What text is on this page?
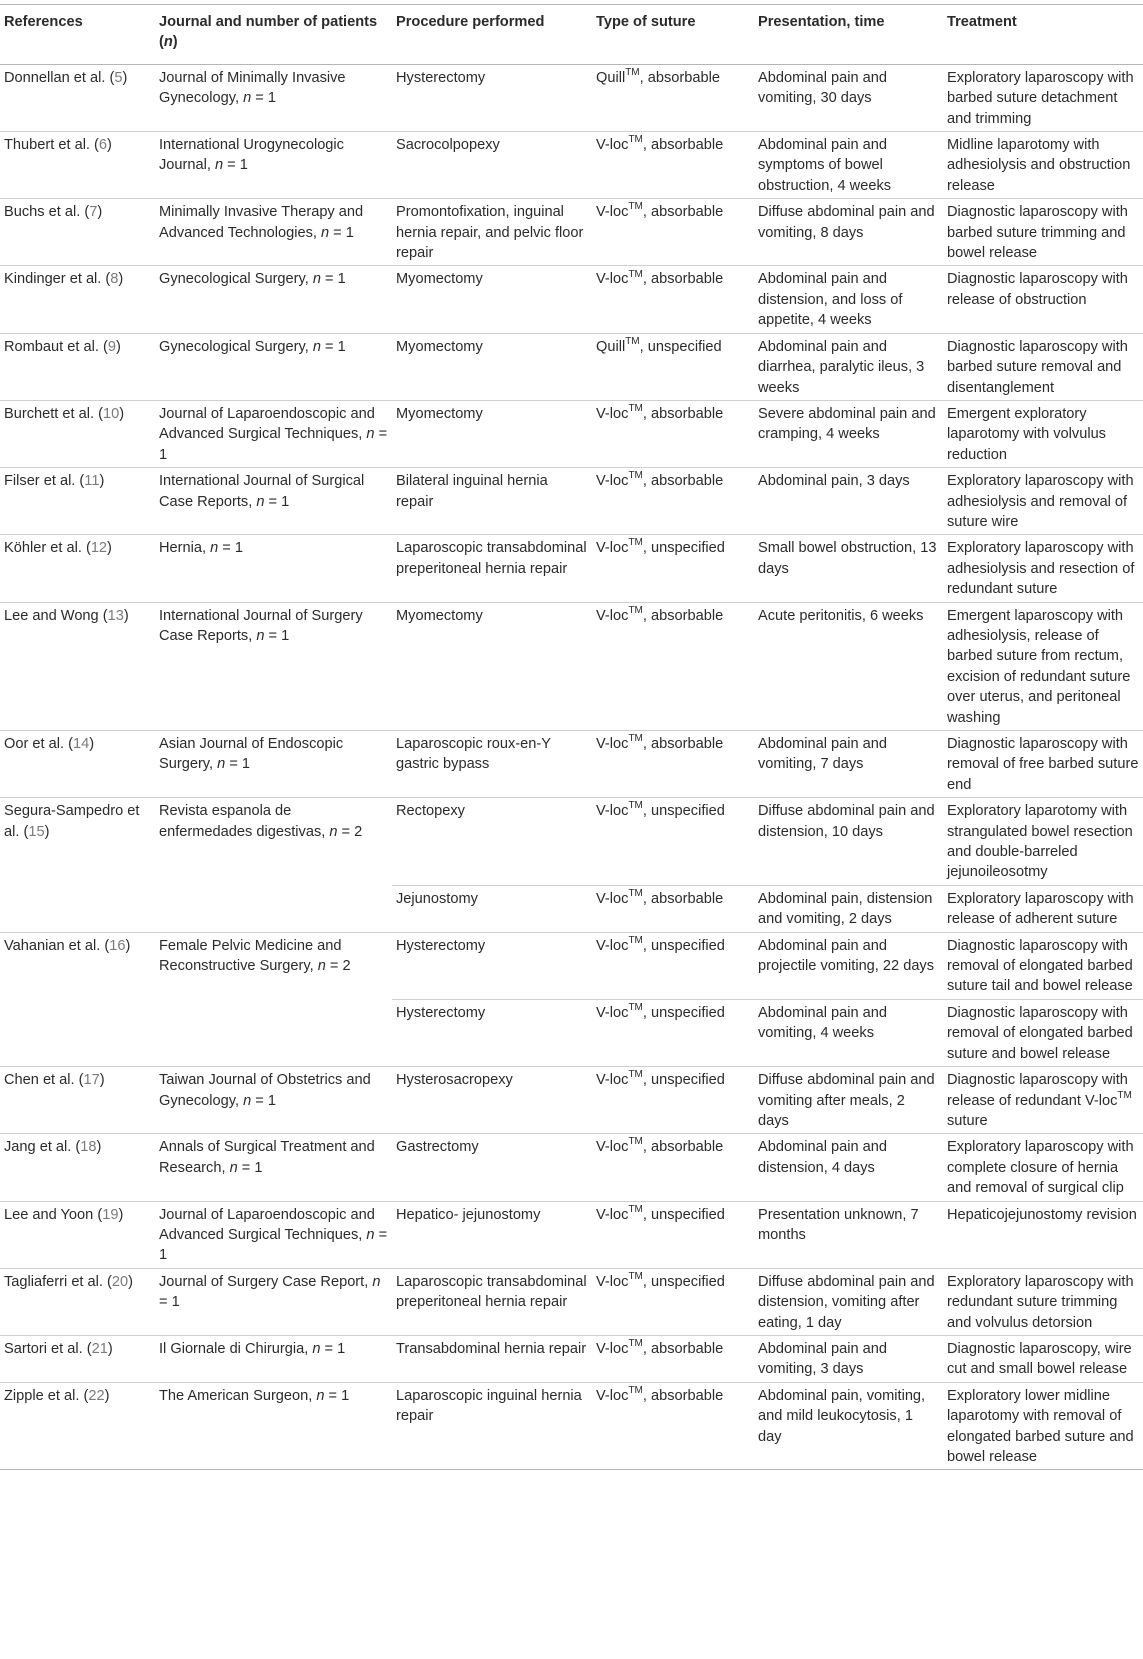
References	Journal and number of patients (n)	Procedure performed	Type of suture	Presentation, time	Treatment
Donnellan et al. (5)	Journal of Minimally Invasive Gynecology, n = 1	Hysterectomy	Quill™, absorbable	Abdominal pain and vomiting, 30 days	Exploratory laparoscopy with barbed suture detachment and trimming
Thubert et al. (6)	International Urogynecologic Journal, n = 1	Sacrocolpopexy	V-loc™, absorbable	Abdominal pain and symptoms of bowel obstruction, 4 weeks	Midline laparotomy with adhesiolysis and obstruction release
Buchs et al. (7)	Minimally Invasive Therapy and Advanced Technologies, n = 1	Promontofixation, inguinal hernia repair, and pelvic floor repair	V-loc™, absorbable	Diffuse abdominal pain and vomiting, 8 days	Diagnostic laparoscopy with barbed suture trimming and bowel release
Kindinger et al. (8)	Gynecological Surgery, n = 1	Myomectomy	V-loc™, absorbable	Abdominal pain and distension, and loss of appetite, 4 weeks	Diagnostic laparoscopy with release of obstruction
Rombaut et al. (9)	Gynecological Surgery, n = 1	Myomectomy	Quill™, unspecified	Abdominal pain and diarrhea, paralytic ileus, 3 weeks	Diagnostic laparoscopy with barbed suture removal and disentanglement
Burchett et al. (10)	Journal of Laparoendoscopic and Advanced Surgical Techniques, n = 1	Myomectomy	V-loc™, absorbable	Severe abdominal pain and cramping, 4 weeks	Emergent exploratory laparotomy with volvulus reduction
Filser et al. (11)	International Journal of Surgical Case Reports, n = 1	Bilateral inguinal hernia repair	V-loc™, absorbable	Abdominal pain, 3 days	Exploratory laparoscopy with adhesiolysis and removal of suture wire
Köhler et al. (12)	Hernia, n = 1	Laparoscopic transabdominal preperitoneal hernia repair	V-loc™, unspecified	Small bowel obstruction, 13 days	Exploratory laparoscopy with adhesiolysis and resection of redundant suture
Lee and Wong (13)	International Journal of Surgery Case Reports, n = 1	Myomectomy	V-loc™, absorbable	Acute peritonitis, 6 weeks	Emergent laparoscopy with adhesiolysis, release of barbed suture from rectum, excision of redundant suture over uterus, and peritoneal washing
Oor et al. (14)	Asian Journal of Endoscopic Surgery, n = 1	Laparoscopic roux-en-Y gastric bypass	V-loc™, absorbable	Abdominal pain and vomiting, 7 days	Diagnostic laparoscopy with removal of free barbed suture end
Segura-Sampedro et al. (15)	Revista espanola de enfermedades digestivas, n = 2	Rectopexy	V-loc™, unspecified	Diffuse abdominal pain and distension, 10 days	Exploratory laparotomy with strangulated bowel resection and double-barreled jejunoileosotmy
		Jejunostomy	V-loc™, absorbable	Abdominal pain, distension and vomiting, 2 days	Exploratory laparoscopy with release of adherent suture
Vahanian et al. (16)	Female Pelvic Medicine and Reconstructive Surgery, n = 2	Hysterectomy	V-loc™, unspecified	Abdominal pain and projectile vomiting, 22 days	Diagnostic laparoscopy with removal of elongated barbed suture tail and bowel release
		Hysterectomy	V-loc™, unspecified	Abdominal pain and vomiting, 4 weeks	Diagnostic laparoscopy with removal of elongated barbed suture and bowel release
Chen et al. (17)	Taiwan Journal of Obstetrics and Gynecology, n = 1	Hysterosacropexy	V-loc™, unspecified	Diffuse abdominal pain and vomiting after meals, 2 days	Diagnostic laparoscopy with release of redundant V-loc™ suture
Jang et al. (18)	Annals of Surgical Treatment and Research, n = 1	Gastrectomy	V-loc™, absorbable	Abdominal pain and distension, 4 days	Exploratory laparoscopy with complete closure of hernia and removal of surgical clip
Lee and Yoon (19)	Journal of Laparoendoscopic and Advanced Surgical Techniques, n = 1	Hepatico- jejunostomy	V-loc™, unspecified	Presentation unknown, 7 months	Hepaticojejunostomy revision
Tagliaferri et al. (20)	Journal of Surgery Case Report, n = 1	Laparoscopic transabdominal preperitoneal hernia repair	V-loc™, unspecified	Diffuse abdominal pain and distension, vomiting after eating, 1 day	Exploratory laparoscopy with redundant suture trimming and volvulus detorsion
Sartori et al. (21)	Il Giornale di Chirurgia, n = 1	Transabdominal hernia repair	V-loc™, absorbable	Abdominal pain and vomiting, 3 days	Diagnostic laparoscopy, wire cut and small bowel release
Zipple et al. (22)	The American Surgeon, n = 1	Laparoscopic inguinal hernia repair	V-loc™, absorbable	Abdominal pain, vomiting, and mild leukocytosis, 1 day	Exploratory lower midline laparotomy with removal of elongated barbed suture and bowel release
